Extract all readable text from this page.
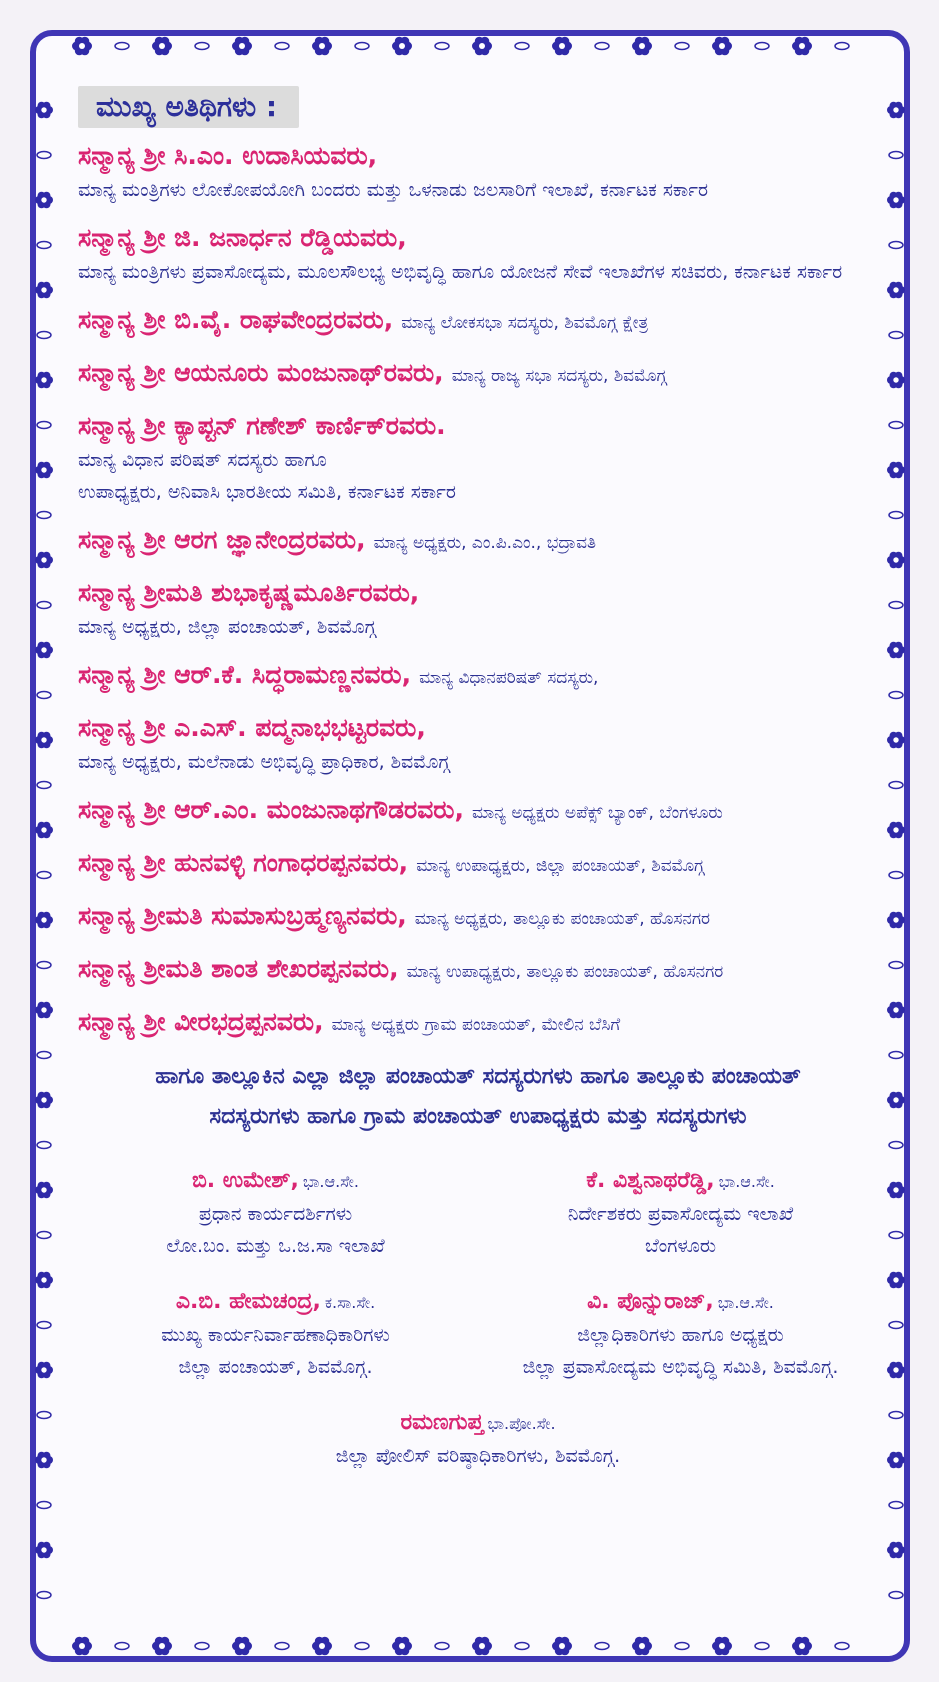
ಮುಖ್ಯ ಅತಿಥಿಗಳು :
ಸನ್ಮಾನ್ಯ ಶ್ರೀ ಸಿ.ಎಂ. ಉದಾಸಿಯವರು,
ಮಾನ್ಯ ಮಂತ್ರಿಗಳು ಲೋಕೋಪಯೋಗಿ ಬಂದರು ಮತ್ತು ಒಳನಾಡು ಜಲಸಾರಿಗೆ ಇಲಾಖೆ, ಕರ್ನಾಟಕ ಸರ್ಕಾರ
ಸನ್ಮಾನ್ಯ ಶ್ರೀ ಜಿ. ಜನಾರ್ಧನ ರೆಡ್ಡಿಯವರು,
ಮಾನ್ಯ ಮಂತ್ರಿಗಳು ಪ್ರವಾಸೋದ್ಯಮ, ಮೂಲಸೌಲಭ್ಯ ಅಭಿವೃದ್ಧಿ ಹಾಗೂ ಯೋಜನೆ ಸೇವೆ ಇಲಾಖೆಗಳ ಸಚಿವರು, ಕರ್ನಾಟಕ ಸರ್ಕಾರ
ಸನ್ಮಾನ್ಯ ಶ್ರೀ ಬಿ.ವೈ. ರಾಘವೇಂದ್ರರವರು, ಮಾನ್ಯ ಲೋಕಸಭಾ ಸದಸ್ಯರು, ಶಿವಮೊಗ್ಗ ಕ್ಷೇತ್ರ
ಸನ್ಮಾನ್ಯ ಶ್ರೀ ಆಯನೂರು ಮಂಜುನಾಥ್‌ರವರು, ಮಾನ್ಯ ರಾಜ್ಯ ಸಭಾ ಸದಸ್ಯರು, ಶಿವಮೊಗ್ಗ
ಸನ್ಮಾನ್ಯ ಶ್ರೀ ಕ್ಯಾಪ್ಟನ್ ಗಣೇಶ್ ಕಾರ್ಣಿಕ್‌ರವರು.
ಮಾನ್ಯ ವಿಧಾನ ಪರಿಷತ್ ಸದಸ್ಯರು ಹಾಗೂ
ಉಪಾಧ್ಯಕ್ಷರು, ಅನಿವಾಸಿ ಭಾರತೀಯ ಸಮಿತಿ, ಕರ್ನಾಟಕ ಸರ್ಕಾರ
ಸನ್ಮಾನ್ಯ ಶ್ರೀ ಆರಗ ಜ್ಞಾನೇಂದ್ರರವರು, ಮಾನ್ಯ ಅಧ್ಯಕ್ಷರು, ಎಂ.ಪಿ.ಎಂ., ಭದ್ರಾವತಿ
ಸನ್ಮಾನ್ಯ ಶ್ರೀಮತಿ ಶುಭಾಕೃಷ್ಣಮೂರ್ತಿರವರು,
ಮಾನ್ಯ ಅಧ್ಯಕ್ಷರು, ಜಿಲ್ಲಾ ಪಂಚಾಯತ್, ಶಿವಮೊಗ್ಗ
ಸನ್ಮಾನ್ಯ ಶ್ರೀ ಆರ್.ಕೆ. ಸಿದ್ಧರಾಮಣ್ಣನವರು, ಮಾನ್ಯ ವಿಧಾನಪರಿಷತ್ ಸದಸ್ಯರು,
ಸನ್ಮಾನ್ಯ ಶ್ರೀ ಎ.ಎಸ್. ಪದ್ಮನಾಭಭಟ್ಟರವರು,
ಮಾನ್ಯ ಅಧ್ಯಕ್ಷರು, ಮಲೆನಾಡು ಅಭಿವೃದ್ಧಿ ಪ್ರಾಧಿಕಾರ, ಶಿವಮೊಗ್ಗ
ಸನ್ಮಾನ್ಯ ಶ್ರೀ ಆರ್.ಎಂ. ಮಂಜುನಾಥಗೌಡರವರು, ಮಾನ್ಯ ಅಧ್ಯಕ್ಷರು ಅಪೆಕ್ಸ್ ಬ್ಯಾಂಕ್, ಬೆಂಗಳೂರು
ಸನ್ಮಾನ್ಯ ಶ್ರೀ ಹುನವಳ್ಳಿ ಗಂಗಾಧರಪ್ಪನವರು, ಮಾನ್ಯ ಉಪಾಧ್ಯಕ್ಷರು, ಜಿಲ್ಲಾ ಪಂಚಾಯತ್, ಶಿವಮೊಗ್ಗ
ಸನ್ಮಾನ್ಯ ಶ್ರೀಮತಿ ಸುಮಾಸುಬ್ರಹ್ಮಣ್ಯನವರು, ಮಾನ್ಯ ಅಧ್ಯಕ್ಷರು, ತಾಲ್ಲೂಕು ಪಂಚಾಯತ್, ಹೊಸನಗರ
ಸನ್ಮಾನ್ಯ ಶ್ರೀಮತಿ ಶಾಂತ ಶೇಖರಪ್ಪನವರು, ಮಾನ್ಯ ಉಪಾಧ್ಯಕ್ಷರು, ತಾಲ್ಲೂಕು ಪಂಚಾಯತ್, ಹೊಸನಗರ
ಸನ್ಮಾನ್ಯ ಶ್ರೀ ವೀರಭದ್ರಪ್ಪನವರು, ಮಾನ್ಯ ಅಧ್ಯಕ್ಷರು ಗ್ರಾಮ ಪಂಚಾಯತ್, ಮೇಲಿನ ಬೆಸಿಗೆ
ಹಾಗೂ ತಾಲ್ಲೂಕಿನ ಎಲ್ಲಾ ಜಿಲ್ಲಾ ಪಂಚಾಯತ್ ಸದಸ್ಯರುಗಳು ಹಾಗೂ ತಾಲ್ಲೂಕು ಪಂಚಾಯತ್
ಸದಸ್ಯರುಗಳು ಹಾಗೂ ಗ್ರಾಮ ಪಂಚಾಯತ್ ಉಪಾಧ್ಯಕ್ಷರು ಮತ್ತು ಸದಸ್ಯರುಗಳು
ಬಿ. ಉಮೇಶ್, ಭಾ.ಆ.ಸೇ.
ಪ್ರಧಾನ ಕಾರ್ಯದರ್ಶಿಗಳು
ಲೋ.ಬಂ. ಮತ್ತು ಒ.ಜ.ಸಾ ಇಲಾಖೆ
ಕೆ. ವಿಶ್ವನಾಥರೆಡ್ಡಿ, ಭಾ.ಆ.ಸೇ.
ನಿರ್ದೇಶಕರು ಪ್ರವಾಸೋದ್ಯಮ ಇಲಾಖೆ
ಬೆಂಗಳೂರು
ಎ.ಬಿ. ಹೇಮಚಂದ್ರ, ಕ.ಸಾ.ಸೇ.
ಮುಖ್ಯ ಕಾರ್ಯನಿರ್ವಾಹಣಾಧಿಕಾರಿಗಳು
ಜಿಲ್ಲಾ ಪಂಚಾಯತ್, ಶಿವಮೊಗ್ಗ.
ವಿ. ಪೊನ್ನುರಾಜ್, ಭಾ.ಆ.ಸೇ.
ಜಿಲ್ಲಾಧಿಕಾರಿಗಳು ಹಾಗೂ ಅಧ್ಯಕ್ಷರು
ಜಿಲ್ಲಾ ಪ್ರವಾಸೋದ್ಯಮ ಅಭಿವೃದ್ಧಿ ಸಮಿತಿ, ಶಿವಮೊಗ್ಗ.
ರಮಣಗುಪ್ತ ಭಾ.ಪೋ.ಸೇ.
ಜಿಲ್ಲಾ ಪೋಲಿಸ್ ವರಿಷ್ಠಾಧಿಕಾರಿಗಳು, ಶಿವಮೊಗ್ಗ.
